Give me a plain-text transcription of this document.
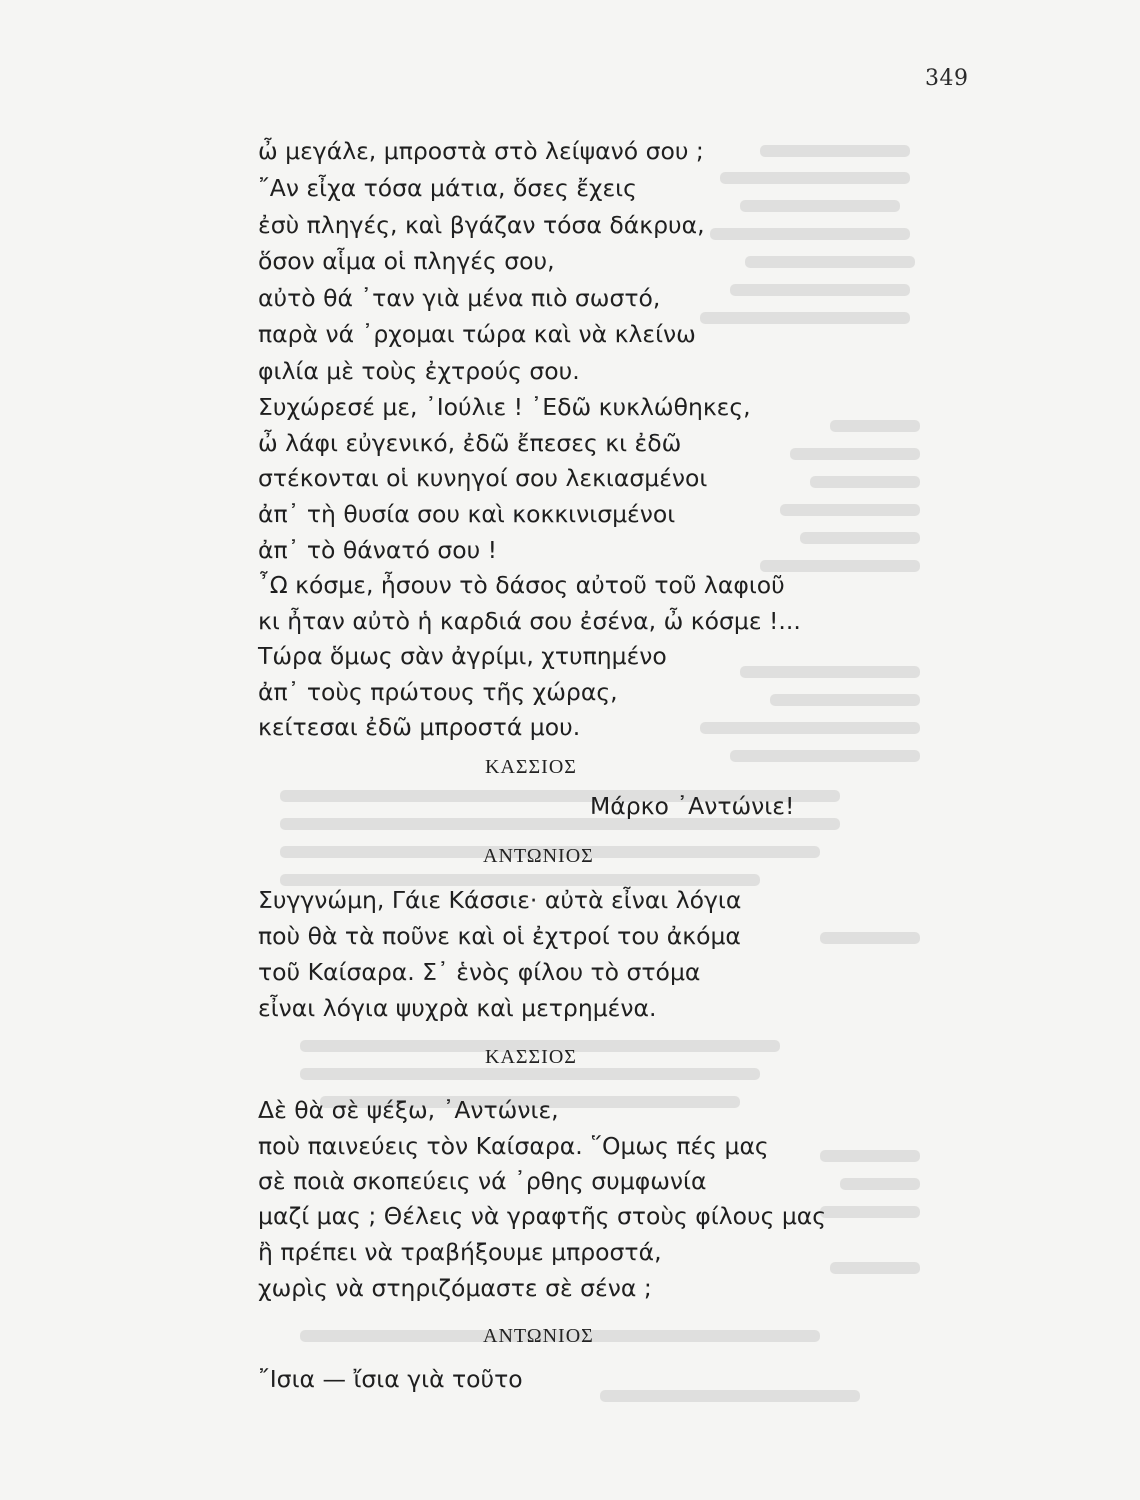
349
ὦ μεγάλε, μπροστὰ στὸ λείψανό σου ;
῎Αν εἶχα τόσα μάτια, ὅσες ἔχεις
ἐσὺ πληγές, καὶ βγάζαν τόσα δάκρυα,
ὅσον αἷμα οἱ πληγές σου,
αὐτὸ θά ᾽ταν γιὰ μένα πιὸ σωστό,
παρὰ νά ᾽ρχομαι τώρα καὶ νὰ κλείνω
φιλία μὲ τοὺς ἐχτρούς σου.
Συχώρεσέ με, ᾽Ιούλιε ! ᾽Εδῶ κυκλώθηκες,
ὦ λάφι εὐγενικό, ἐδῶ ἔπεσες κι ἐδῶ
στέκονται οἱ κυνηγοί σου λεκιασμένοι
ἀπ᾽ τὴ θυσία σου καὶ κοκκινισμένοι
ἀπ᾽ τὸ θάνατό σου !
῏Ω κόσμε, ἦσουν τὸ δάσος αὐτοῦ τοῦ λαφιοῦ
κι ἦταν αὐτὸ ἡ καρδιά σου ἐσένα, ὦ κόσμε !...
Τώρα ὅμως σὰν ἀγρίμι, χτυπημένο
ἀπ᾽ τοὺς πρώτους τῆς χώρας,
κείτεσαι ἐδῶ μπροστά μου.
ΚΑΣΣΙΟΣ
Μάρκο ᾽Αντώνιε!
ΑΝΤΩΝΙΟΣ
Συγγνώμη, Γάιε Κάσσιε· αὐτὰ εἶναι λόγια
ποὺ θὰ τὰ ποῦνε καὶ οἱ ἐχτροί του ἀκόμα
τοῦ Καίσαρα. Σ᾽ ἑνὸς φίλου τὸ στόμα
εἶναι λόγια ψυχρὰ καὶ μετρημένα.
ΚΑΣΣΙΟΣ
Δὲ θὰ σὲ ψέξω, ᾽Αντώνιε,
ποὺ παινεύεις τὸν Καίσαρα. ῞Ομως πές μας
σὲ ποιὰ σκοπεύεις νά ᾽ρθης συμφωνία
μαζί μας ; Θέλεις νὰ γραφτῆς στοὺς φίλους μας
ἢ πρέπει νὰ τραβήξουμε μπροστά,
χωρὶς νὰ στηριζόμαστε σὲ σένα ;
ΑΝΤΩΝΙΟΣ
῎Ισια — ἴσια γιὰ τοῦτο
